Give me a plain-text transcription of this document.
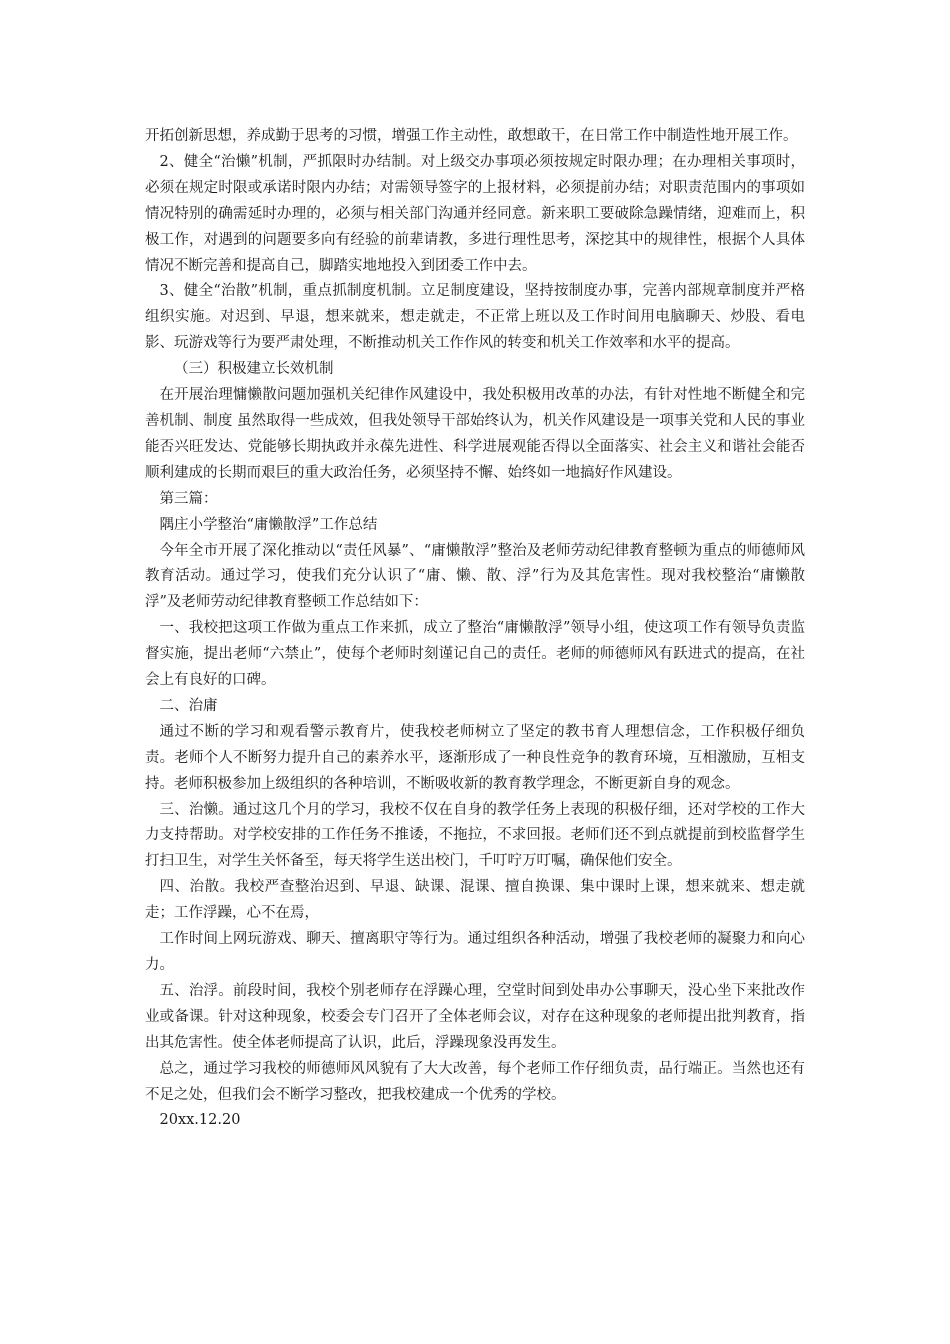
开拓创新思想，养成勤于思考的习惯，增强工作主动性，敢想敢干，在日常工作中制造性地开展工作。

2、健全“治懒”机制，严抓限时办结制。对上级交办事项必须按规定时限办理；在办理相关事项时，必须在规定时限或承诺时限内办结；对需领导签字的上报材料，必须提前办结；对职责范围内的事项如情况特别的确需延时办理的，必须与相关部门沟通并经同意。新来职工要破除急躁情绪，迎难而上，积极工作，对遇到的问题要多向有经验的前辈请教，多进行理性思考，深挖其中的规律性，根据个人具体情况不断完善和提高自己，脚踏实地地投入到团委工作中去。

3、健全“治散”机制，重点抓制度机制。立足制度建设，坚持按制度办事，完善内部规章制度并严格组织实施。对迟到、早退，想来就来，想走就走，不正常上班以及工作时间用电脑聊天、炒股、看电影、玩游戏等行为要严肃处理，不断推动机关工作作风的转变和机关工作效率和水平的提高。

（三）积极建立长效机制

在开展治理慵懒散问题加强机关纪律作风建设中，我处积极用改革的办法，有针对性地不断健全和完善机制、制度 虽然取得一些成效，但我处领导干部始终认为，机关作风建设是一项事关党和人民的事业能否兴旺发达、党能够长期执政并永葆先进性、科学进展观能否得以全面落实、社会主义和谐社会能否顺利建成的长期而艰巨的重大政治任务，必须坚持不懈、始终如一地搞好作风建设。

第三篇：

隅庄小学整治“庸懒散浮”工作总结

今年全市开展了深化推动以“责任风暴”、“庸懒散浮”整治及老师劳动纪律教育整顿为重点的师德师风教育活动。通过学习，使我们充分认识了“庸、懒、散、浮”行为及其危害性。现对我校整治“庸懒散浮”及老师劳动纪律教育整顿工作总结如下：

一、我校把这项工作做为重点工作来抓，成立了整治“庸懒散浮”领导小组，使这项工作有领导负责监督实施，提出老师“六禁止”，使每个老师时刻谨记自己的责任。老师的师德师风有跃进式的提高，在社会上有良好的口碑。

二、治庸

通过不断的学习和观看警示教育片，使我校老师树立了坚定的教书育人理想信念，工作积极仔细负责。老师个人不断努力提升自己的素养水平，逐渐形成了一种良性竞争的教育环境，互相激励，互相支持。老师积极参加上级组织的各种培训，不断吸收新的教育教学理念，不断更新自身的观念。

三、治懒。通过这几个月的学习，我校不仅在自身的教学任务上表现的积极仔细，还对学校的工作大力支持帮助。对学校安排的工作任务不推诿，不拖拉，不求回报。老师们还不到点就提前到校监督学生打扫卫生，对学生关怀备至，每天将学生送出校门，千叮咛万叮嘱，确保他们安全。

四、治散。我校严查整治迟到、早退、缺课、混课、擅自换课、集中课时上课，想来就来、想走就走；工作浮躁，心不在焉，

工作时间上网玩游戏、聊天、擅离职守等行为。通过组织各种活动，增强了我校老师的凝聚力和向心力。

五、治浮。前段时间，我校个别老师存在浮躁心理，空堂时间到处串办公事聊天，没心坐下来批改作业或备课。针对这种现象，校委会专门召开了全体老师会议，对存在这种现象的老师提出批判教育，指出其危害性。使全体老师提高了认识，此后，浮躁现象没再发生。

总之，通过学习我校的师德师风风貌有了大大改善，每个老师工作仔细负责，品行端正。当然也还有不足之处，但我们会不断学习整改，把我校建成一个优秀的学校。

20xx.12.20
